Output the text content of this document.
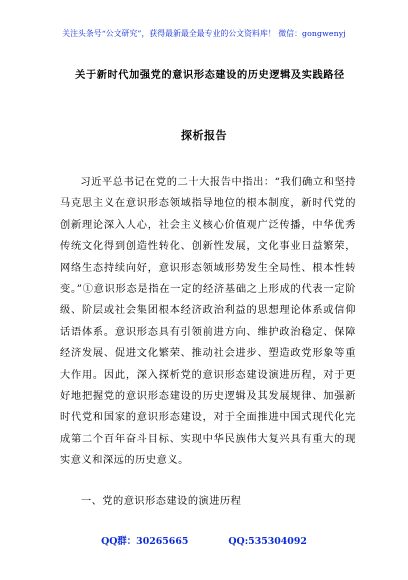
关注头条号“公文研究”，获得最新最全最专业的公文资料库！ 微信：gongwenyj
关于新时代加强党的意识形态建设的历史逻辑及实践路径
探析报告

习近平总书记在党的二十大报告中指出：“我们确立和坚持马克思主义在意识形态领域指导地位的根本制度，新时代党的创新理论深入人心，社会主义核心价值观广泛传播，中华优秀传统文化得到创造性转化、创新性发展，文化事业日益繁荣，网络生态持续向好，意识形态领域形势发生全局性、根本性转变。”①意识形态是指在一定的经济基础之上形成的代表一定阶级、阶层或社会集团根本经济政治利益的思想理论体系或信仰话语体系。意识形态具有引领前进方向、维护政治稳定、保障经济发展、促进文化繁荣、推动社会进步、塑造政党形象等重大作用。因此，深入探析党的意识形态建设演进历程，对于更好地把握党的意识形态建设的历史逻辑及其发展规律、加强新时代党和国家的意识形态建设，对于全面推进中国式现代化完成第二个百年奋斗目标、实现中华民族伟大复兴具有重大的现实意义和深远的历史意义。

一、党的意识形态建设的演进历程
QQ群：30265665	QQ:535304092
